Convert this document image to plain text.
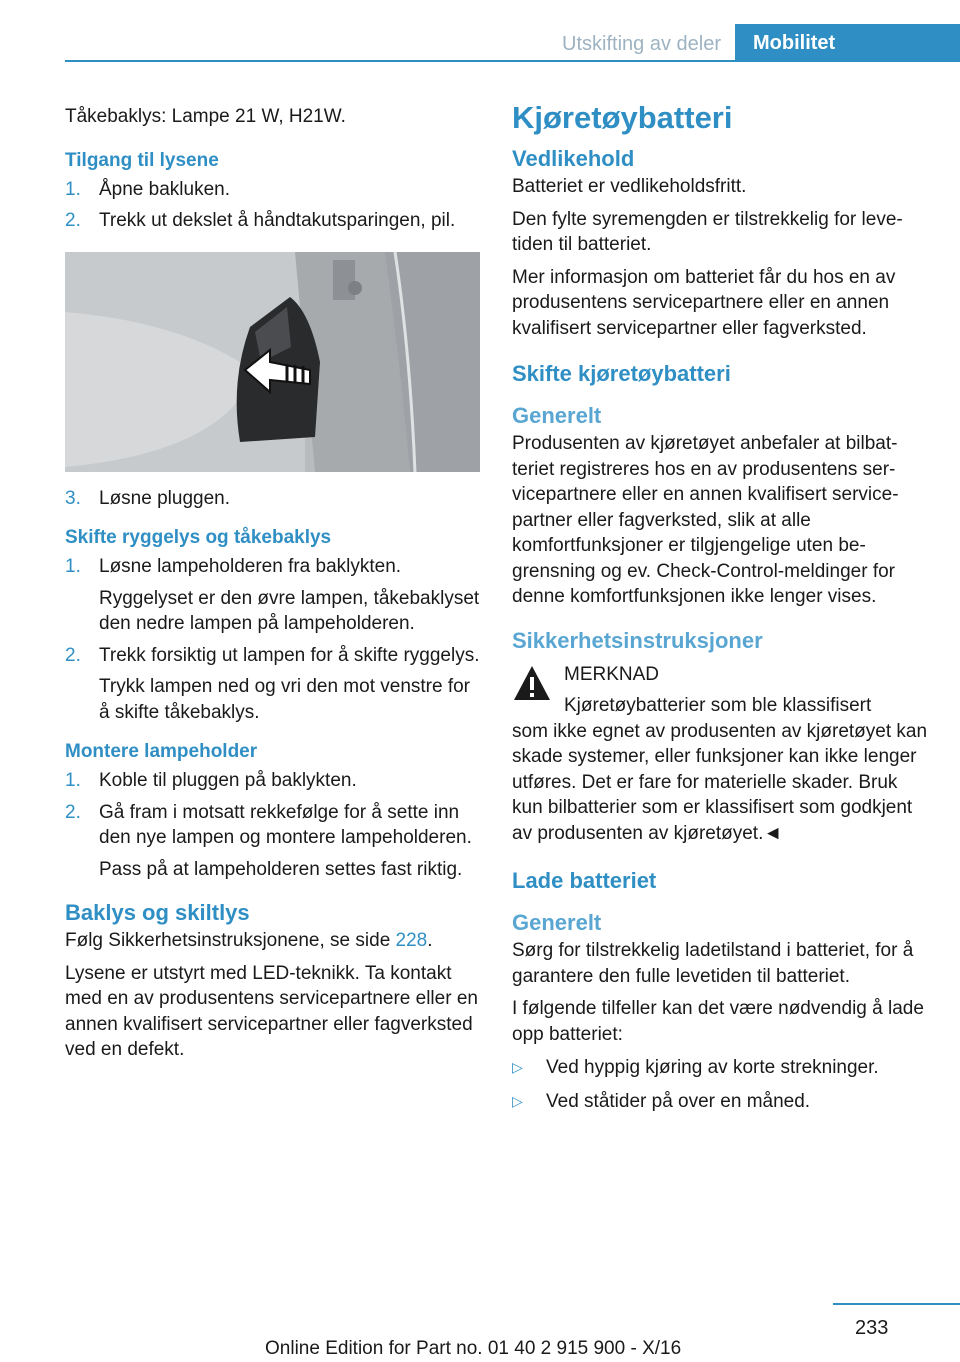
Utskifting av deler	Mobilitet

Tåkebaklys: Lampe 21 W, H21W.

Tilgang til lysene
1. Åpne bakluken.
2. Trekk ut dekslet å håndtakutsparingen, pil.
3. Løsne pluggen.
Skifte ryggelys og tåkebaklys
1. Løsne lampeholderen fra baklykten.
Ryggelyset er den øvre lampen, tåkebaklyset den nedre lampen på lampeholderen.
2. Trekk forsiktig ut lampen for å skifte ryggelys.
Trykk lampen ned og vri den mot venstre for å skifte tåkebaklys.
Montere lampeholder
1. Koble til pluggen på baklykten.
2. Gå fram i motsatt rekkefølge for å sette inn den nye lampen og montere lampeholderen.
Pass på at lampeholderen settes fast riktig.
Baklys og skiltlys

Følg Sikkerhetsinstruksjonene, se side 228.

Lysene er utstyrt med LED-teknikk. Ta kontakt med en av produsentens servicepartnere eller en annen kvalifisert servicepartner eller fagverksted ved en defekt.

Kjøretøybatteri
Vedlikehold

Batteriet er vedlikeholdsfritt.

Den fylte syremengden er tilstrekkelig for levetiden til batteriet.

Mer informasjon om batteriet får du hos en av produsentens servicepartnere eller en annen kvalifisert servicepartner eller fagverksted.

Skifte kjøretøybatteri
Generelt

Produsenten av kjøretøyet anbefaler at bilbatteriet registreres hos en av produsentens servicepartnere eller en annen kvalifisert servicepartner eller fagverksted, slik at alle komfortfunksjoner er tilgjengelige uten begrensning og ev. Check-Control-meldinger for denne komfortfunksjonen ikke lenger vises.

Sikkerhetsinstruksjoner

MERKNAD

Kjøretøybatterier som ble klassifisert

som ikke egnet av produsenten av kjøretøyet kan skade systemer, eller funksjoner kan ikke lenger utføres. Det er fare for materielle skader. Bruk kun bilbatterier som er klassifisert som godkjent av produsenten av kjøretøyet.◄

Lade batteriet
Generelt

Sørg for tilstrekkelig ladetilstand i batteriet, for å garantere den fulle levetiden til batteriet.

I følgende tilfeller kan det være nødvendig å lade opp batteriet:

▷ Ved hyppig kjøring av korte strekninger.
▷ Ved ståtider på over en måned.
233
Online Edition for Part no. 01 40 2 915 900 - X/16
